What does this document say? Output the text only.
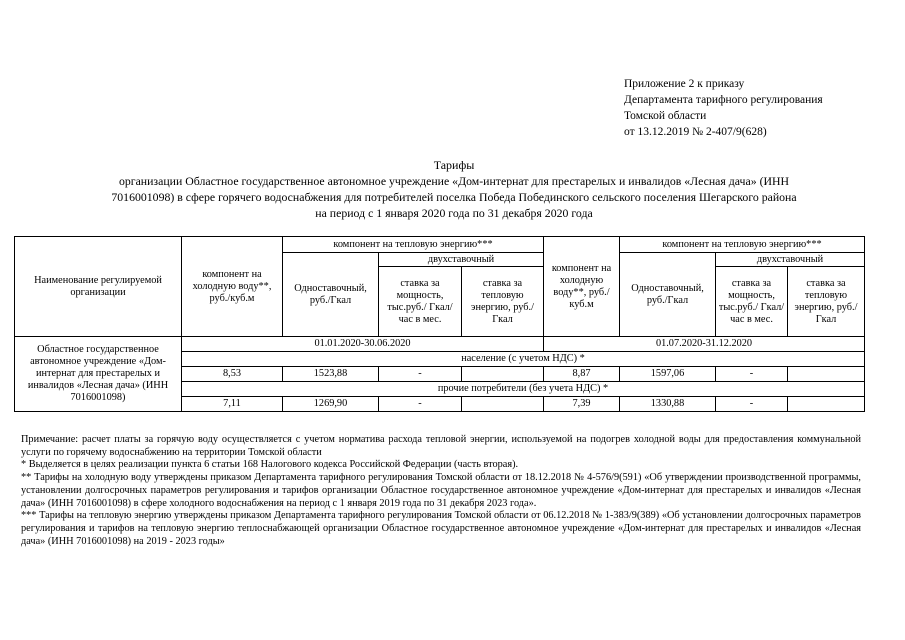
Приложение 2 к приказу
Департамента тарифного регулирования
Томской области
от 13.12.2019 № 2-407/9(628)
Тарифы
организации Областное государственное автономное учреждение «Дом-интернат для престарелых и инвалидов «Лесная дача» (ИНН
7016001098) в сфере горячего водоснабжения для потребителей поселка Победа Побединского сельского поселения Шегарского района
на период с 1 января 2020 года по 31 декабря 2020 года
Наименование регулируемой организации	компонент на холодную воду**, руб./куб.м	компонент на тепловую энергию***			компонент на холодную воду**, руб./куб.м	компонент на тепловую энергию***		
		Одноставочный, руб./Гкал	двухставочный			Одноставочный, руб./Гкал	двухставочный	
			ставка за мощность, тыс.руб./ Гкал/час в мес.	ставка за тепловую энергию, руб./Гкал			ставка за мощность, тыс.руб./ Гкал/час в мес.	ставка за тепловую энергию, руб./Гкал
Областное государственное автономное учреждение «Дом-интернат для престарелых и инвалидов «Лесная дача» (ИНН 7016001098)	01.01.2020-30.06.2020				01.07.2020-31.12.2020			
	население (с учетом НДС) *							
	8,53	1523,88	-		8,87	1597,06	-	
	прочие потребители (без учета НДС) *							
	7,11	1269,90	-		7,39	1330,88	-	

Примечание: расчет платы за горячую воду осуществляется с учетом норматива расхода тепловой энергии, используемой на подогрев холодной воды для предоставления коммунальной услуги по горячему водоснабжению на территории Томской области

* Выделяется в целях реализации пункта 6 статьи 168 Налогового кодекса Российской Федерации (часть вторая).

** Тарифы на холодную воду утверждены приказом Департамента тарифного регулирования Томской области от 18.12.2018 № 4-576/9(591) «Об утверждении производственной программы, установлении долгосрочных параметров регулирования и тарифов организации Областное государственное автономное учреждение «Дом-интернат для престарелых и инвалидов «Лесная дача» (ИНН 7016001098) в сфере холодного водоснабжения на период с 1 января 2019 года по 31 декабря 2023 года».

*** Тарифы на тепловую энергию утверждены приказом Департамента тарифного регулирования Томской области от 06.12.2018 № 1-383/9(389) «Об установлении долгосрочных параметров регулирования и тарифов на тепловую энергию теплоснабжающей организации Областное государственное автономное учреждение «Дом-интернат для престарелых и инвалидов «Лесная дача» (ИНН 7016001098) на 2019 - 2023 годы»
